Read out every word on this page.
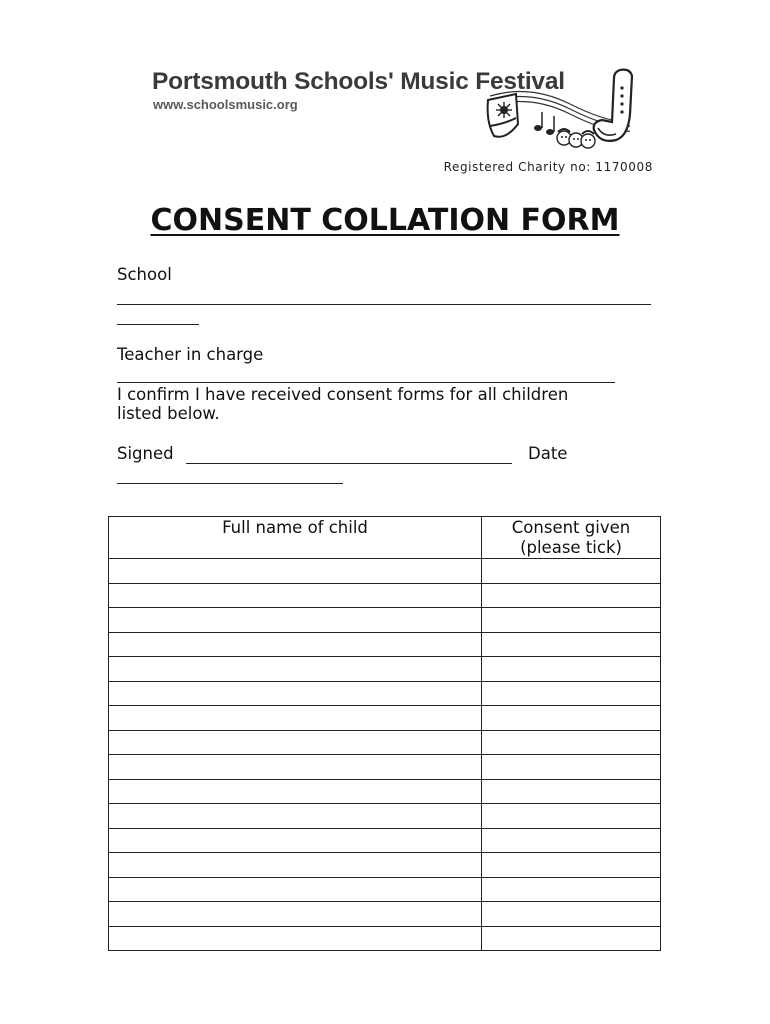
Portsmouth Schools' Music Festival
www.schoolsmusic.org
Registered Charity no: 1170008
CONSENT COLLATION FORM
School
Teacher in charge
I confirm I have received consent forms for all children
listed below.
Signed	Date
Full name of child	Consent given
(please tick)
